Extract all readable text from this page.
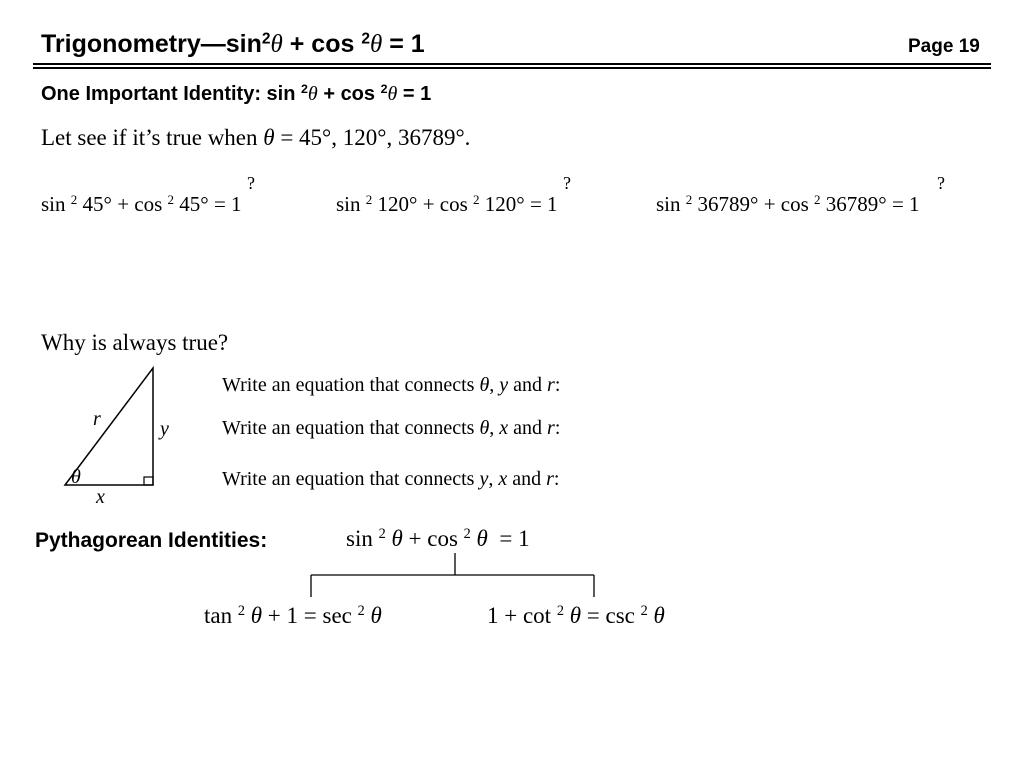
$Trigonometry—\sin^2\theta + \cos ^2\theta = 1$	Page 19
One Important Identity: sin $^2$θ + cos $^2$θ = 1
Let see if it’s true when θ = 45°, 120°, 36789°.
?
sin $^2$ 45° + cos $^2$ 45° = 1
?
sin $^2$ 120° + cos $^2$ 120° = 1
?
sin $^2$ 36789° + cos $^2$ 36789° = 1
Why is always true?
r	y
x
θ
Write an equation that connects θ, y and r:
Write an equation that connects θ, x and r:
Write an equation that connects y, x and r:
Pythagorean Identities:	sin $^2$ θ + cos $^2$ θ = 1
tan $^2$ θ + 1 = sec $^2$ θ	1 + cot $^2$ θ = csc $^2$ θ
